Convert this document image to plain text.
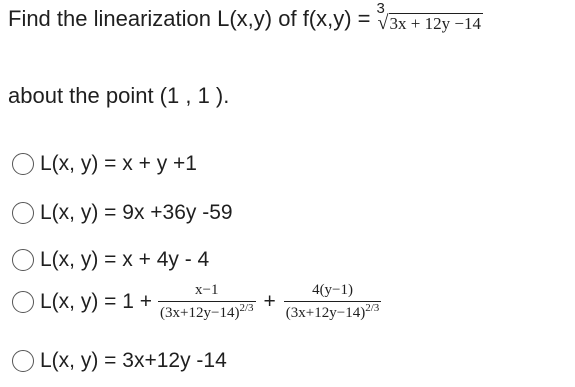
Find the linearization L(x,y) of f(x,y) = 3
√ 3x + 12y −14
about the point (1 , 1 ).
L(x, y) = x + y +1
L(x, y) = 9x +36y -59
L(x, y) = x + 4y - 4
L(x, $y) = 1 + \frac{x-1}{(3x+12y-14)^{2/3}} + \frac{4(y-1)}{(3x+12y-14)^{2/3}}$
L(x, y) = 3x+12y -14
